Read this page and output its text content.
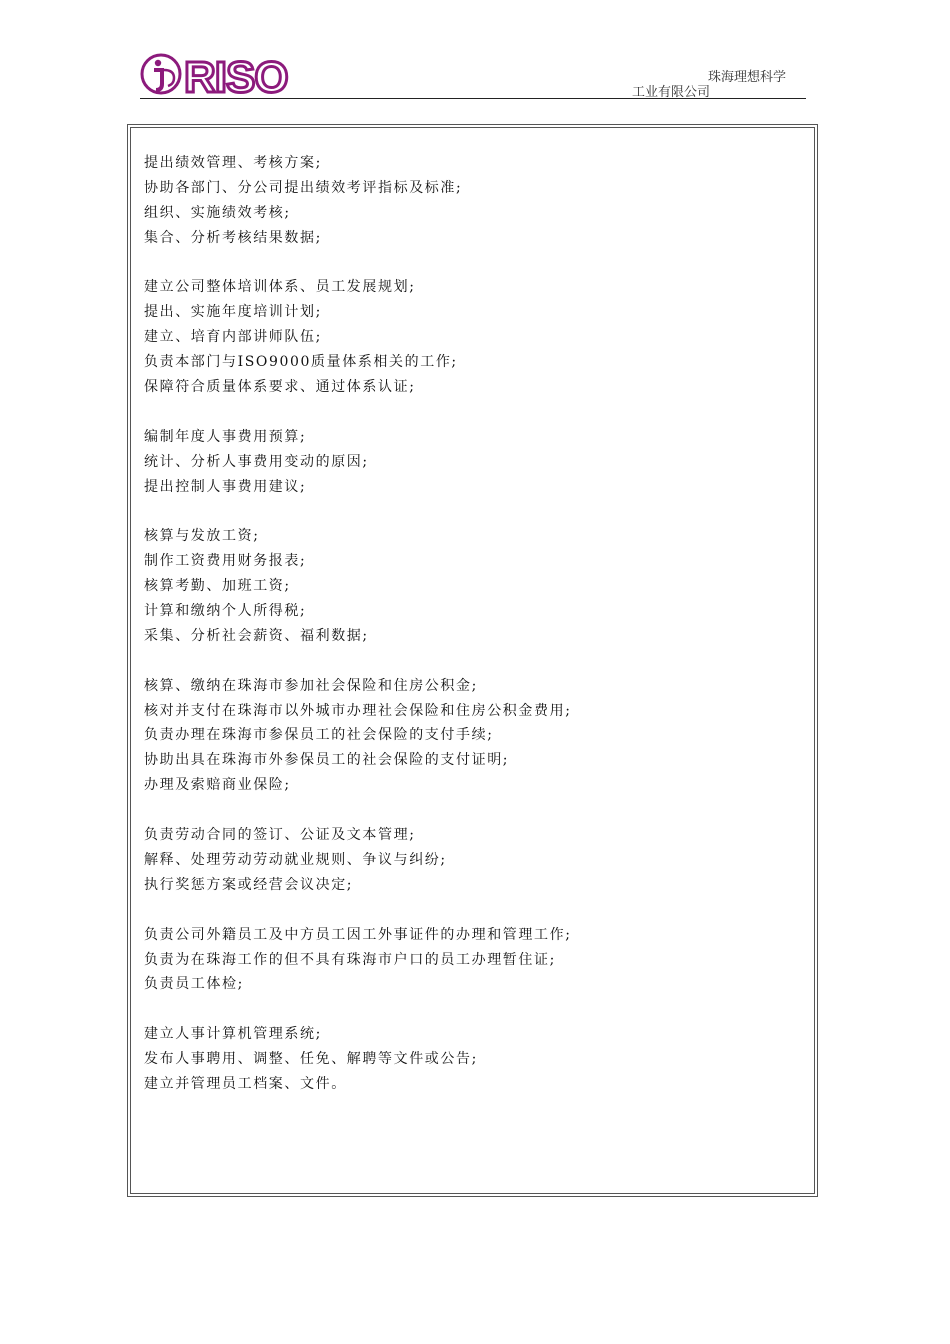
RISO	珠海理想科学
工业有限公司
提出绩效管理、考核方案;
协助各部门、分公司提出绩效考评指标及标准;
组织、实施绩效考核;
集合、分析考核结果数据;
建立公司整体培训体系、员工发展规划;
提出、实施年度培训计划;
建立、培育内部讲师队伍;
负责本部门与ISO9000质量体系相关的工作;
保障符合质量体系要求、通过体系认证;
编制年度人事费用预算;
统计、分析人事费用变动的原因;
提出控制人事费用建议;
核算与发放工资;
制作工资费用财务报表;
核算考勤、加班工资;
计算和缴纳个人所得税;
采集、分析社会薪资、福利数据;
核算、缴纳在珠海市参加社会保险和住房公积金;
核对并支付在珠海市以外城市办理社会保险和住房公积金费用;
负责办理在珠海市参保员工的社会保险的支付手续;
协助出具在珠海市外参保员工的社会保险的支付证明;
办理及索赔商业保险;
负责劳动合同的签订、公证及文本管理;
解释、处理劳动劳动就业规则、争议与纠纷;
执行奖惩方案或经营会议决定;
负责公司外籍员工及中方员工因工外事证件的办理和管理工作;
负责为在珠海工作的但不具有珠海市户口的员工办理暂住证;
负责员工体检;
建立人事计算机管理系统;
发布人事聘用、调整、任免、解聘等文件或公告;
建立并管理员工档案、文件。
